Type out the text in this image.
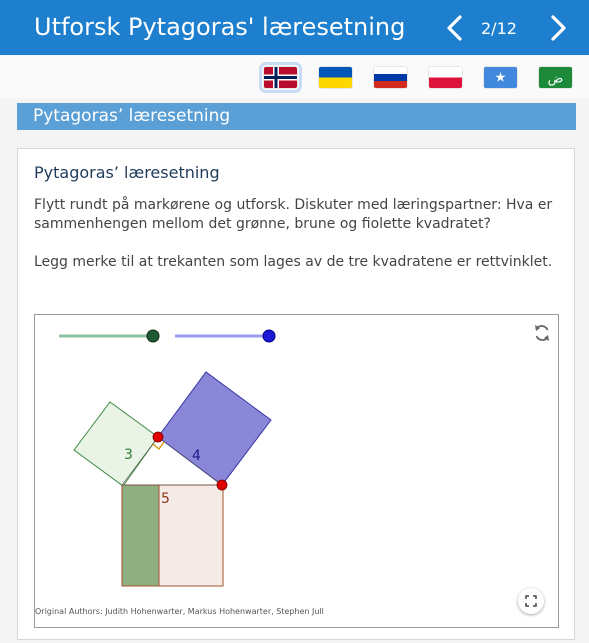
Utforsk Pytagoras' læresetning	2/12
ض
Pytagoras’ læresetning
Pytagoras’ læresetning
Flytt rundt på markørene og utforsk. Diskuter med læringspartner: Hva er sammenhengen mellom det grønne, brune og fiolette kvadratet?
Legg merke til at trekanten som lages av de tre kvadratene er rettvinklet.
3	4
5
Original Authors: Judith Hohenwarter, Markus Hohenwarter, Stephen Jull
